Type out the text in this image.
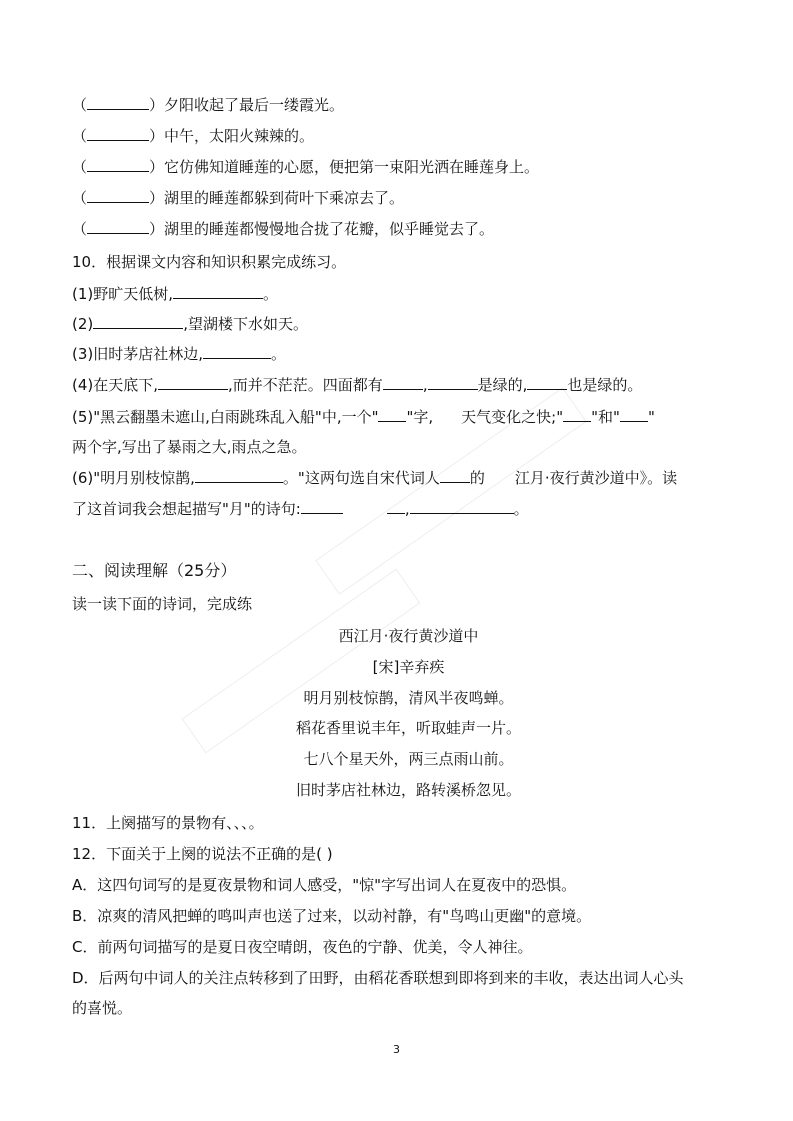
（	）夕阳收起了最后一缕霞光。
（	）中午，太阳火辣辣的。
（	）它仿佛知道睡莲的心愿，便把第一束阳光洒在睡莲身上。
（	）湖里的睡莲都躲到荷叶下乘凉去了。
（	）湖里的睡莲都慢慢地合拢了花瓣，似乎睡觉去了。
10．根据课文内容和知识积累完成练习。
(1)野旷天低树,	。
(2)	,望湖楼下水如天。
(3)旧时茅店社林边,	。
(4)在天底下,	,而并不茫茫。四面都有	,	是绿的,	也是绿的。
(5)"黑云翻墨未遮山,白雨跳珠乱入船"中,一个" "字, 天气变化之快;" "和" "
两个字,写出了暴雨之大,雨点之急。
(6)"明月别枝惊鹊,	。"这两句选自宋代词人 的 江月·夜行黄沙道中》。读
了这首词我会想起描写"月"的诗句:	,	。
二、阅读理解（25分）
读一读下面的诗词，完成练
西江月·夜行黄沙道中
[宋]辛弃疾
明月别枝惊鹊，清风半夜鸣蝉。
稻花香里说丰年，听取蛙声一片。
七八个星天外，两三点雨山前。
旧时茅店社林边，路转溪桥忽见。
11．上阕描写的景物有、、、。
12．下面关于上阕的说法不正确的是( )
A．这四句词写的是夏夜景物和词人感受，"惊"字写出词人在夏夜中的恐惧。
B．凉爽的清风把蝉的鸣叫声也送了过来，以动衬静，有"鸟鸣山更幽"的意境。
C．前两句词描写的是夏日夜空晴朗，夜色的宁静、优美，令人神往。
D．后两句中词人的关注点转移到了田野，由稻花香联想到即将到来的丰收，表达出词人心头
的喜悦。
3
